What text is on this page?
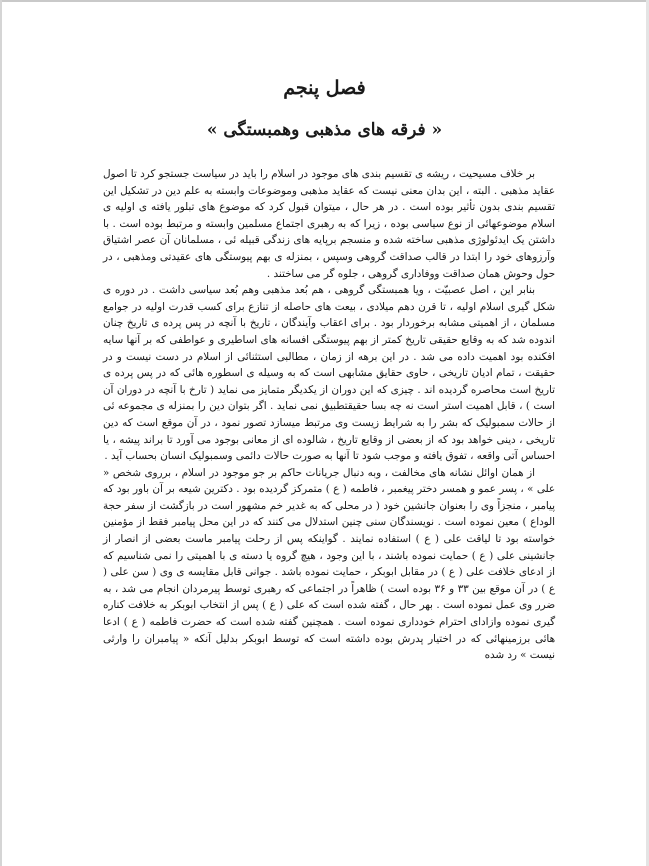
فصل پنجم
« فرقه های مذهبی وهمبستگی »

بر خلاف مسیحیت ، ریشه ی تقسیم بندی های موجود در اسلام را باید در سیاست جستجو کرد تا اصول عقاید مذهبی . البته ، این بدان معنی نیست که عقاید مذهبی وموضوعات وابسته به علم دین در تشکیل این تقسیم بندی بدون تأثیر بوده است . در هر حال ، میتوان قبول کرد که موضوع های تبلور یافته ی اولیه ی اسلام موضوعهائی از نوع سیاسی بوده ، زیرا که به رهبری اجتماع مسلمین وابسته و مرتبط بوده است . با داشتن یک ایدئولوژی مذهبی ساخته شده و منسجم برپایه های زندگی قبیله ئی ، مسلمانان آن عصر اشتیاق وآرزوهای خود را ابتدا در قالب صداقت گروهی وسپس ، بمنزله ی بهم پیوستگی های عقیدتی ومذهبی ، در حول وحوش همان صداقت ووفاداری گروهی ، جلوه گر می ساختند .

بنابر این ، اصل عصبیّت ، ویا همبستگی گروهی ، هم بُعد مذهبی وهم بُعد سیاسی داشت . در دوره ی شکل گیری اسلام اولیه ، تا قرن دهم میلادی ، بیعت های حاصله از تنازع برای کسب قدرت اولیه در جوامع مسلمان ، از اهمیتی مشابه برخوردار بود . برای اعقاب وآیندگان ، تاریخ با آنچه در پس پرده ی تاریخ چنان اندوده شد که به وقایع حقیقی تاریخ کمتر از بهم پیوستگی افسانه های اساطیری و عواطفی که بر آنها سایه افکنده بود اهمیت داده می شد . در این برهه از زمان ، مطالبی استثنائی از اسلام در دست نیست و در حقیقت ، تمام ادیان تاریخی ، حاوی حقایق مشابهی است که به وسیله ی اسطوره هائی که در پس پرده ی تاریخ است محاصره گردیده اند . چیزی که این دوران از یکدیگر متمایز می نماید ( تارخ با آنچه در دوران آن است ) ، قابل اهمیت استر است نه چه بسا حقیقتطبیق نمی نماید . اگر بتوان دین را بمنزله ی مجموعه ئی از حالات سمبولیک که بشر را به شرایط زیست وی مرتبط میسازد تصور نمود ، در آن موقع است که دین تاریخی ، دینی خواهد بود که از بعضی از وقایع تاریخ ، شالوده ای از معانی بوجود می آورد تا براند پیشه ، یا احساس آتی واقعه ، تفوق یافته و موجب شود تا آنها به صورت حالات دائمی وسمبولیک انسان بحساب آید .

از همان اوائل نشانه های مخالفت ، وبه دنبال جریانات حاکم بر جو موجود در اسلام ، برروی شخص « علی » ، پسر عمو و همسر دختر پیغمبر ، فاطمه ( ع ) متمرکز گردیده بود . دکترین شیعه بر آن باور بود که پیامبر ، منجزاً وی را بعنوان جانشین خود ( در محلی که به غدیر خم مشهور است در بازگشت از سفر حجة الوداع ) معین نموده است . نویسندگان سنی چنین استدلال می کنند که در این محل پیامبر فقط از مؤمنین خواسته بود تا لیاقت علی ( ع ) استفاده نمایند . گواینکه پس از رحلت پیامبر ماست بعضی از انصار از جانشینی علی ( ع ) حمایت نموده باشند ، با این وجود ، هیچ گروه یا دسته ی با اهمیتی را نمی شناسیم که از ادعای خلافت علی ( ع ) در مقابل ابوبکر ، حمایت نموده باشد . جوانی قابل مقایسه ی وی ( سن علی ( ع ) در آن موقع بین ۳۳ و ۳۶ بوده است ) ظاهراً در اجتماعی که رهبری توسط پیرمردان انجام می شد ، به ضرر وی عمل نموده است . بهر حال ، گفته شده است که علی ( ع ) پس از انتخاب ابوبکر به خلافت کناره گیری نموده وازادای احترام خودداری نموده است . همچنین گفته شده است که حضرت فاطمه ( ع ) ادعا هائی برزمینهائی که در اختیار پدرش بوده داشته است که توسط ابوبکر بدلیل آنکه « پیامبران را وارثی نیست » رد شده
